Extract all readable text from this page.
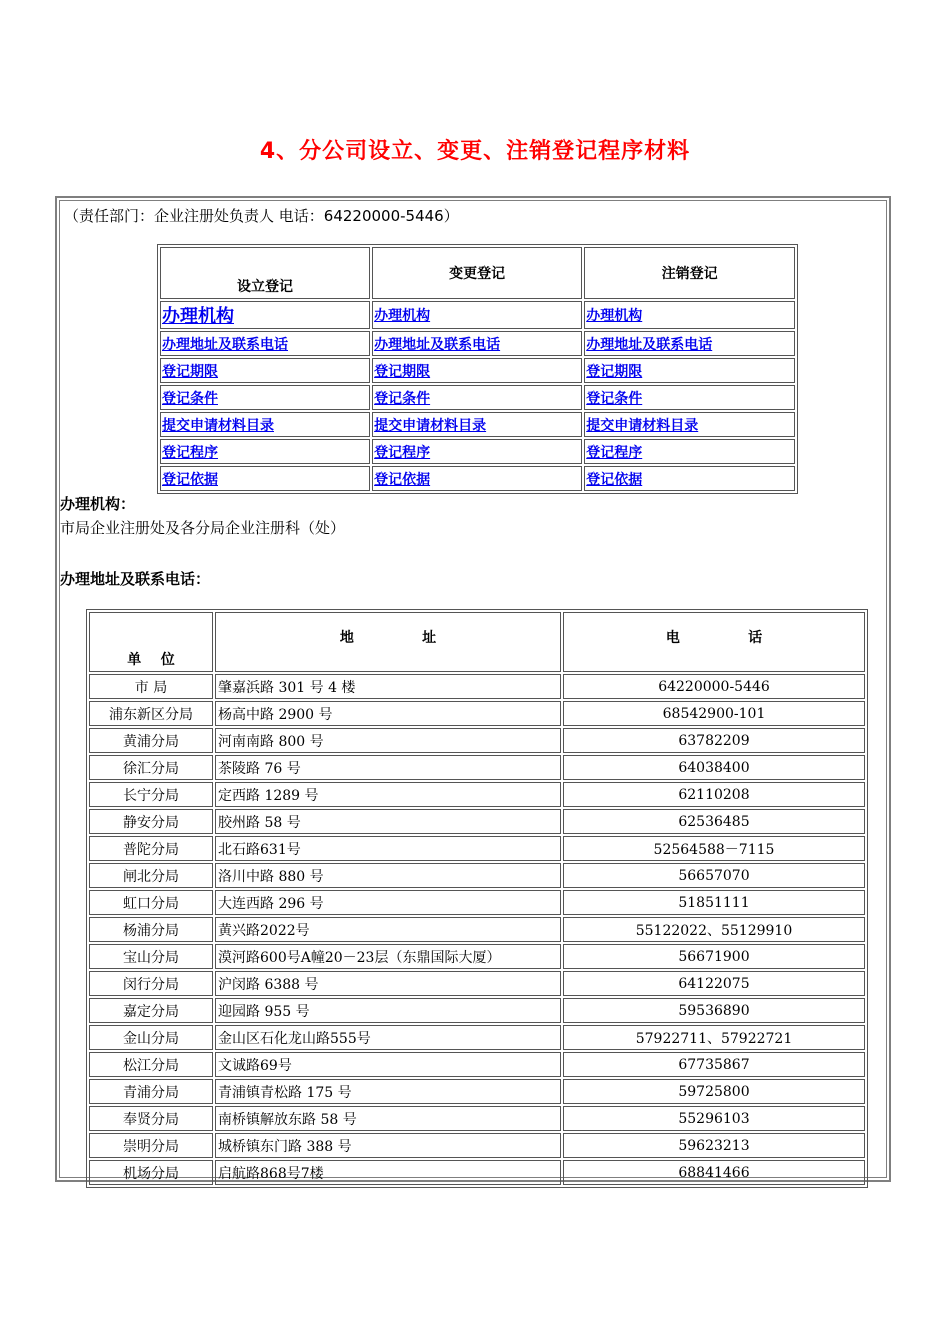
4、分公司设立、变更、注销登记程序材料
（责任部门：企业注册处负责人 电话：64220000-5446）
设立登记	变更登记	注销登记
办理机构	办理机构	办理机构
办理地址及联系电话	办理地址及联系电话	办理地址及联系电话
登记期限	登记期限	登记期限
登记条件	登记条件	登记条件
提交申请材料目录	提交申请材料目录	提交申请材料目录
登记程序	登记程序	登记程序
登记依据	登记依据	登记依据
办理机构：
市局企业注册处及各分局企业注册科（处）
办理地址及联系电话：
单    位	地              址	电              话
市 局	肇嘉浜路 301 号 4 楼	64220000-5446
浦东新区分局	杨高中路 2900 号	68542900-101
黄浦分局	河南南路 800 号	63782209
徐汇分局	茶陵路 76 号	64038400
长宁分局	定西路 1289 号	62110208
静安分局	胶州路 58 号	62536485
普陀分局	北石路631号	52564588－7115
闸北分局	洛川中路 880 号	56657070
虹口分局	大连西路 296 号	51851111
杨浦分局	黄兴路2022号	55122022、55129910
宝山分局	漠河路600号A幢20－23层（东鼎国际大厦）	56671900
闵行分局	沪闵路 6388 号	64122075
嘉定分局	迎园路 955 号	59536890
金山分局	金山区石化龙山路555号	57922711、57922721
松江分局	文诚路69号	67735867
青浦分局	青浦镇青松路 175 号	59725800
奉贤分局	南桥镇解放东路 58 号	55296103
崇明分局	城桥镇东门路 388 号	59623213
机场分局	启航路868号7楼	68841466
